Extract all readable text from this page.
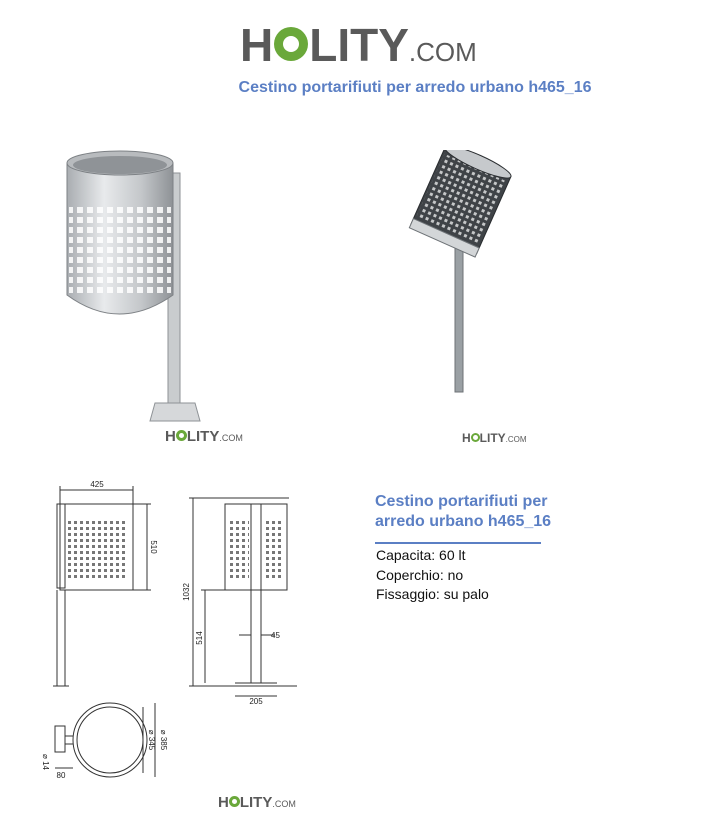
H LITY .COM
Cestino portarifiuti per arredo urbano h465_16
H LITY .COM	H LITY .COM
425
510
1032
514	45
205
⌀ 345 ⌀ 385
⌀ 14
80
Cestino portarifiuti per arredo urbano h465_16
Capacita: 60 lt
Coperchio: no
Fissaggio: su palo
H LITY .COM
